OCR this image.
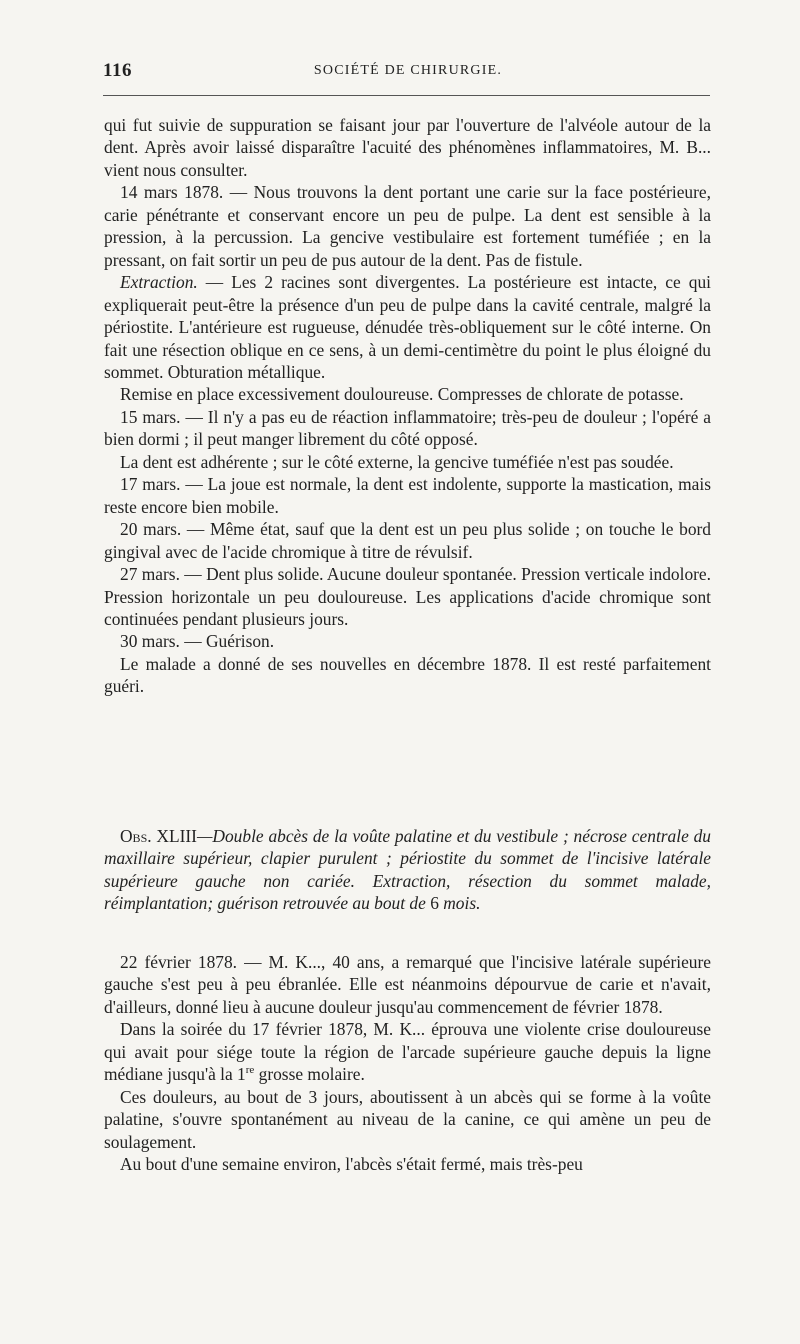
116	SOCIÉTÉ DE CHIRURGIE.

qui fut suivie de suppuration se faisant jour par l'ouverture de l'alvéole autour de la dent. Après avoir laissé disparaître l'acuité des phénomènes inflammatoires, M. B... vient nous consulter.

14 mars 1878. — Nous trouvons la dent portant une carie sur la face postérieure, carie pénétrante et conservant encore un peu de pulpe. La dent est sensible à la pression, à la percussion. La gencive vestibulaire est fortement tuméfiée ; en la pressant, on fait sortir un peu de pus autour de la dent. Pas de fistule.

Extraction. — Les 2 racines sont divergentes. La postérieure est intacte, ce qui expliquerait peut-être la présence d'un peu de pulpe dans la cavité centrale, malgré la périostite. L'antérieure est rugueuse, dénudée très-obliquement sur le côté interne. On fait une résection oblique en ce sens, à un demi-centimètre du point le plus éloigné du sommet. Obturation métallique.

Remise en place excessivement douloureuse. Compresses de chlorate de potasse.

15 mars. — Il n'y a pas eu de réaction inflammatoire; très-peu de douleur ; l'opéré a bien dormi ; il peut manger librement du côté opposé.

La dent est adhérente ; sur le côté externe, la gencive tuméfiée n'est pas soudée.

17 mars. — La joue est normale, la dent est indolente, supporte la mastication, mais reste encore bien mobile.

20 mars. — Même état, sauf que la dent est un peu plus solide ; on touche le bord gingival avec de l'acide chromique à titre de révulsif.

27 mars. — Dent plus solide. Aucune douleur spontanée. Pression verticale indolore. Pression horizontale un peu douloureuse. Les applications d'acide chromique sont continuées pendant plusieurs jours.

30 mars. — Guérison.

Le malade a donné de ses nouvelles en décembre 1878. Il est resté parfaitement guéri.

Obs. XLIII—Double abcès de la voûte palatine et du vestibule ; nécrose centrale du maxillaire supérieur, clapier purulent ; périostite du sommet de l'incisive latérale supérieure gauche non cariée. Extraction, résection du sommet malade, réimplantation; guérison retrouvée au bout de 6 mois.

22 février 1878. — M. K..., 40 ans, a remarqué que l'incisive latérale supérieure gauche s'est peu à peu ébranlée. Elle est néanmoins dépourvue de carie et n'avait, d'ailleurs, donné lieu à aucune douleur jusqu'au commencement de février 1878.

Dans la soirée du 17 février 1878, M. K... éprouva une violente crise douloureuse qui avait pour siége toute la région de l'arcade supérieure gauche depuis la ligne médiane jusqu'à la 1re grosse molaire.

Ces douleurs, au bout de 3 jours, aboutissent à un abcès qui se forme à la voûte palatine, s'ouvre spontanément au niveau de la canine, ce qui amène un peu de soulagement.

Au bout d'une semaine environ, l'abcès s'était fermé, mais très-peu
